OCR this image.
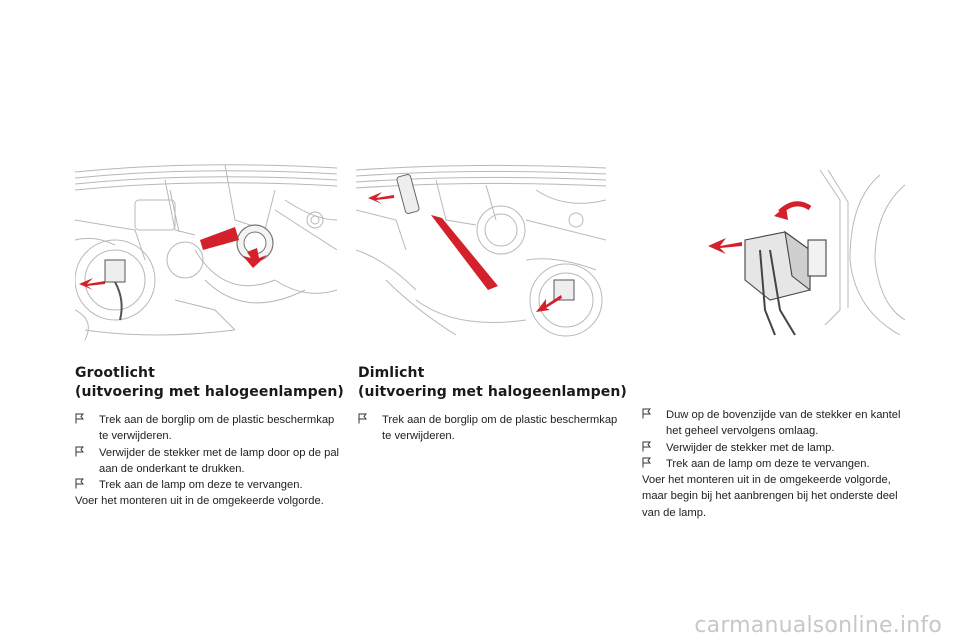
Grootlicht
(uitvoering met halogeenlampen)
Trek aan de borglip om de plastic beschermkap te verwijderen.
Verwijder de stekker met de lamp door op de pal aan de onderkant te drukken.
Trek aan de lamp om deze te vervangen.

Voer het monteren uit in de omgekeerde volgorde.

Dimlicht
(uitvoering met halogeenlampen)
Trek aan de borglip om de plastic beschermkap te verwijderen.
Duw op de bovenzijde van de stekker en kantel het geheel vervolgens omlaag.
Verwijder de stekker met de lamp.
Trek aan de lamp om deze te vervangen.

Voer het monteren uit in de omgekeerde volgorde, maar begin bij het aanbrengen bij het onderste deel van de lamp.

carmanualsonline.info
